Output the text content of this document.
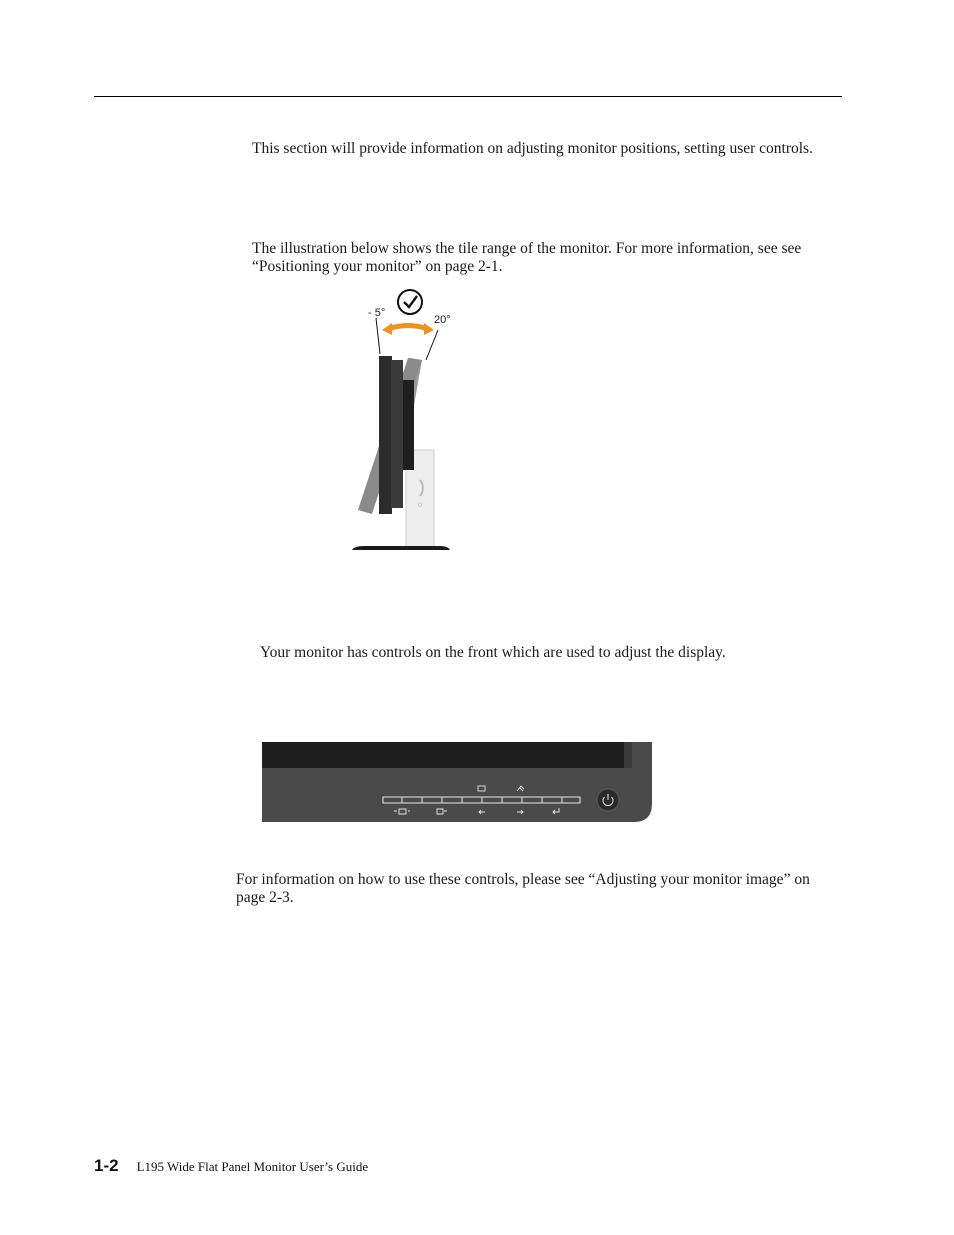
This section will provide information on adjusting monitor positions, setting user controls.

The illustration below shows the tile range of the monitor. For more information, see see “Positioning your monitor” on page 2-1.

○
- 5°
20°

Your monitor has controls on the front which are used to adjust the display.

For information on how to use these controls, please see “Adjusting your monitor image” on page 2-3.

1-2 L195 Wide Flat Panel Monitor User’s Guide
